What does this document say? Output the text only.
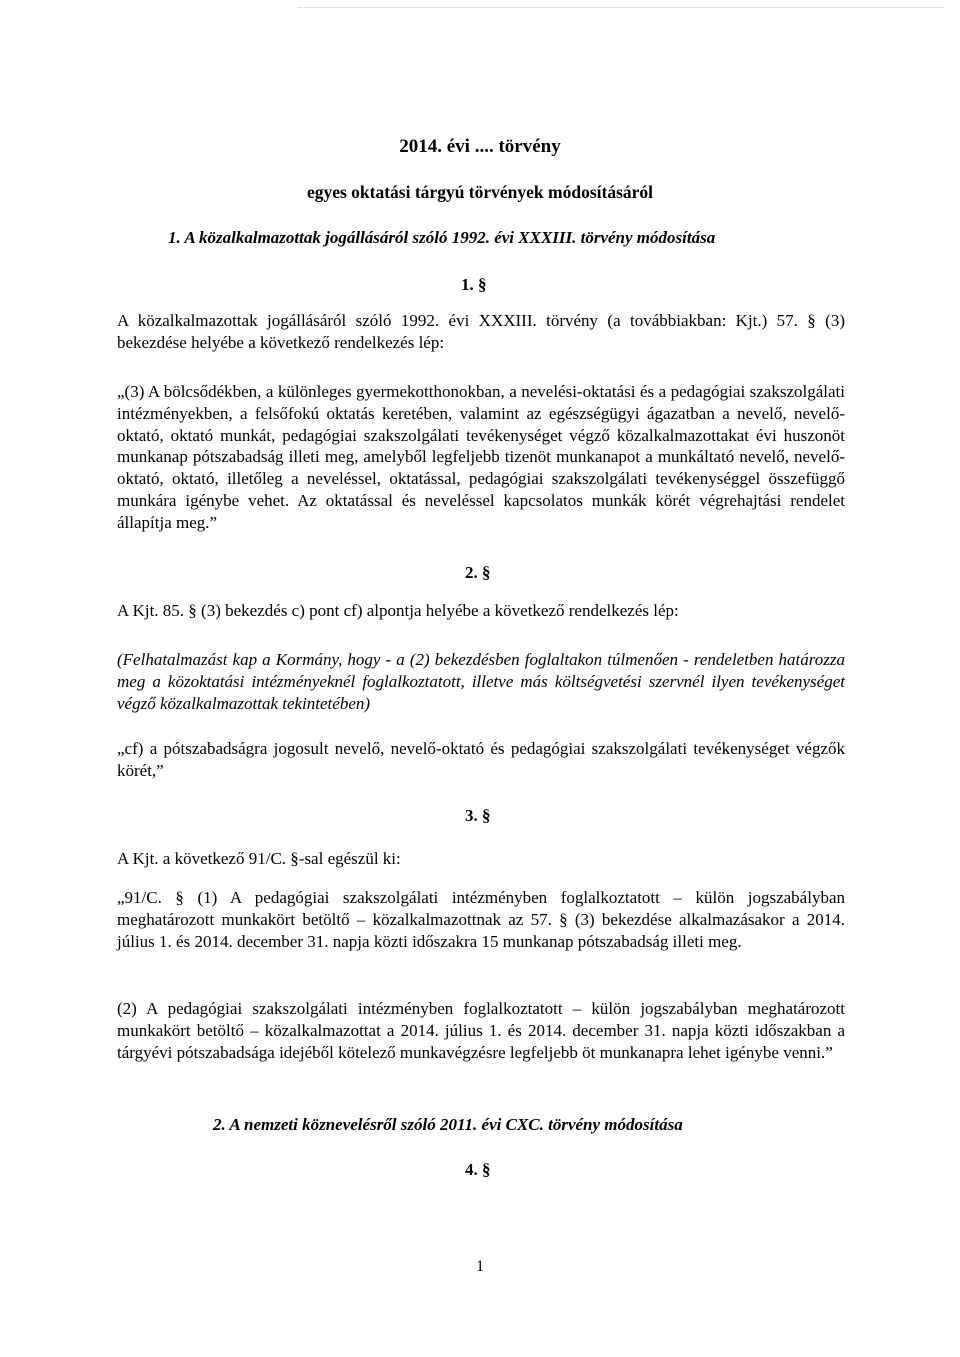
2014. évi .... törvény
egyes oktatási tárgyú törvények módosításáról
1. A közalkalmazottak jogállásáról szóló 1992. évi XXXIII. törvény módosítása
1. §

A közalkalmazottak jogállásáról szóló 1992. évi XXXIII. törvény (a továbbiakban: Kjt.) 57. § (3) bekezdése helyébe a következő rendelkezés lép:

„(3) A bölcsődékben, a különleges gyermekotthonokban, a nevelési-oktatási és a pedagógiai szakszolgálati intézményekben, a felsőfokú oktatás keretében, valamint az egészségügyi ágazatban a nevelő, nevelő-oktató, oktató munkát, pedagógiai szakszolgálati tevékenységet végző közalkalmazottakat évi huszonöt munkanap pótszabadság illeti meg, amelyből legfeljebb tizenöt munkanapot a munkáltató nevelő, nevelő-oktató, oktató, illetőleg a neveléssel, oktatással, pedagógiai szakszolgálati tevékenységgel összefüggő munkára igénybe vehet. Az oktatással és neveléssel kapcsolatos munkák körét végrehajtási rendelet állapítja meg.”

2. §

A Kjt. 85. § (3) bekezdés c) pont cf) alpontja helyébe a következő rendelkezés lép:

(Felhatalmazást kap a Kormány, hogy - a (2) bekezdésben foglaltakon túlmenően - rendeletben határozza meg a közoktatási intézményeknél foglalkoztatott, illetve más költségvetési szervnél ilyen tevékenységet végző közalkalmazottak tekintetében)

„cf) a pótszabadságra jogosult nevelő, nevelő-oktató és pedagógiai szakszolgálati tevékenységet végzők körét,”

3. §

A Kjt. a következő 91/C. §-sal egészül ki:

„91/C. § (1) A pedagógiai szakszolgálati intézményben foglalkoztatott – külön jogszabályban meghatározott munkakört betöltő – közalkalmazottnak az 57. § (3) bekezdése alkalmazásakor a 2014. július 1. és 2014. december 31. napja közti időszakra 15 munkanap pótszabadság illeti meg.

(2) A pedagógiai szakszolgálati intézményben foglalkoztatott – külön jogszabályban meghatározott munkakört betöltő – közalkalmazottat a 2014. július 1. és 2014. december 31. napja közti időszakban a tárgyévi pótszabadsága idejéből kötelező munkavégzésre legfeljebb öt munkanapra lehet igénybe venni.”

2. A nemzeti köznevelésről szóló 2011. évi CXC. törvény módosítása
4. §
1
